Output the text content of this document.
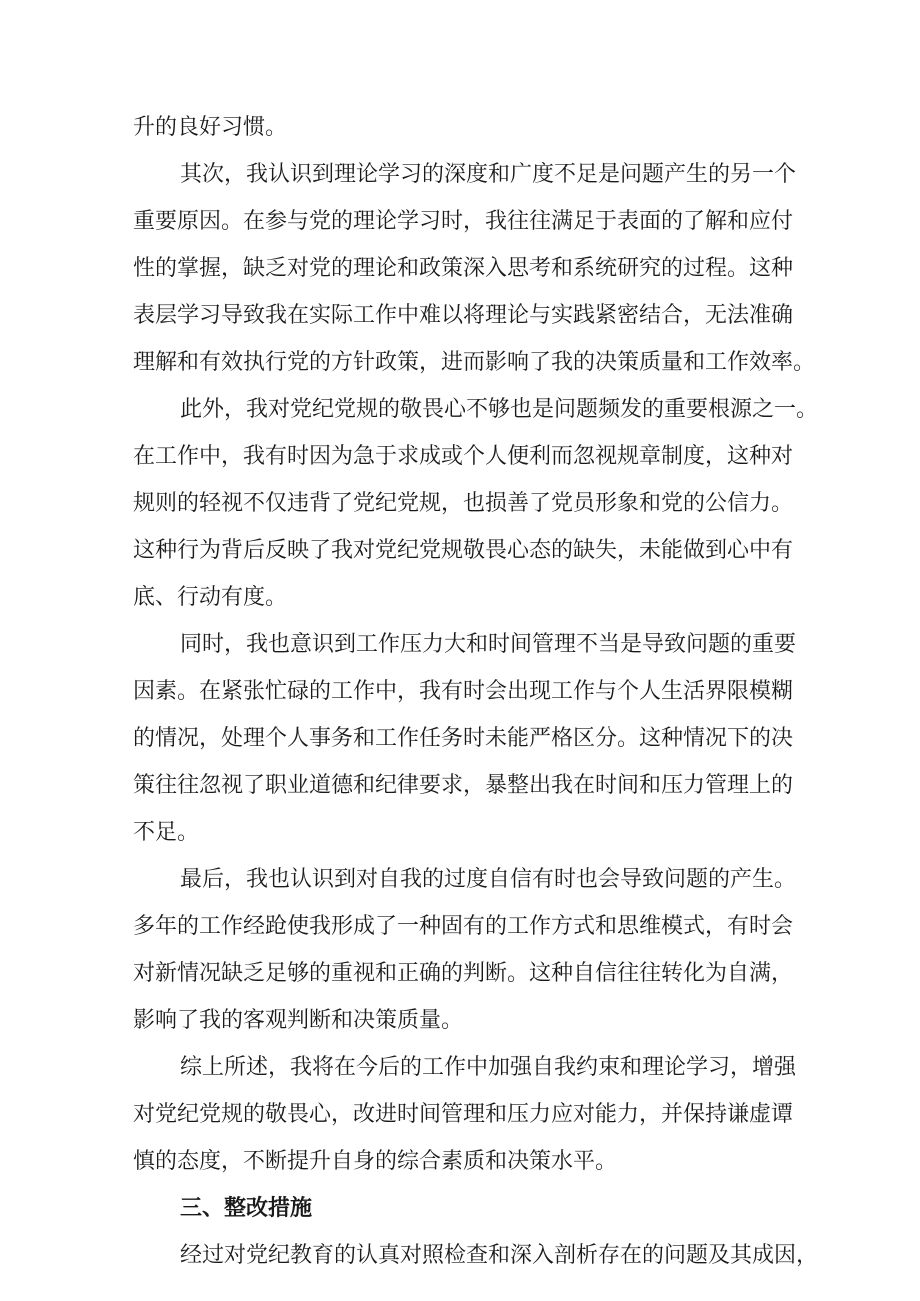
升的良好习惯。

其次，我认识到理论学习的深度和广度不足是问题产生的另一个

重要原因。在参与党的理论学习时，我往往满足于表面的了解和应付

性的掌握，缺乏对党的理论和政策深入思考和系统研究的过程。这种

表层学习导致我在实际工作中难以将理论与实践紧密结合，无法准确

理解和有效执行党的方针政策，进而影响了我的决策质量和工作效率。

此外，我对党纪党规的敬畏心不够也是问题频发的重要根源之一。

在工作中，我有时因为急于求成或个人便利而忽视规章制度，这种对

规则的轻视不仅违背了党纪党规，也损善了党员形象和党的公信力。

这种行为背后反映了我对党纪党规敬畏心态的缺失，未能做到心中有

底、行动有度。

同时，我也意识到工作压力大和时间管理不当是导致问题的重要

因素。在紧张忙碌的工作中，我有时会出现工作与个人生活界限模糊

的情况，处理个人事务和工作任务时未能严格区分。这种情况下的决

策往往忽视了职业道德和纪律要求，暴整出我在时间和压力管理上的

不足。

最后，我也认识到对自我的过度自信有时也会导致问题的产生。

多年的工作经跄使我形成了一种固有的工作方式和思维模式，有时会

对新情况缺乏足够的重视和正确的判断。这种自信往往转化为自满，

影响了我的客观判断和决策质量。

综上所述，我将在今后的工作中加强自我约束和理论学习，增强

对党纪党规的敬畏心，改进时间管理和压力应对能力，并保持谦虚谭

慎的态度，不断提升自身的综合素质和决策水平。

三、整改措施

经过对党纪教育的认真对照检查和深入剖析存在的问题及其成因，
